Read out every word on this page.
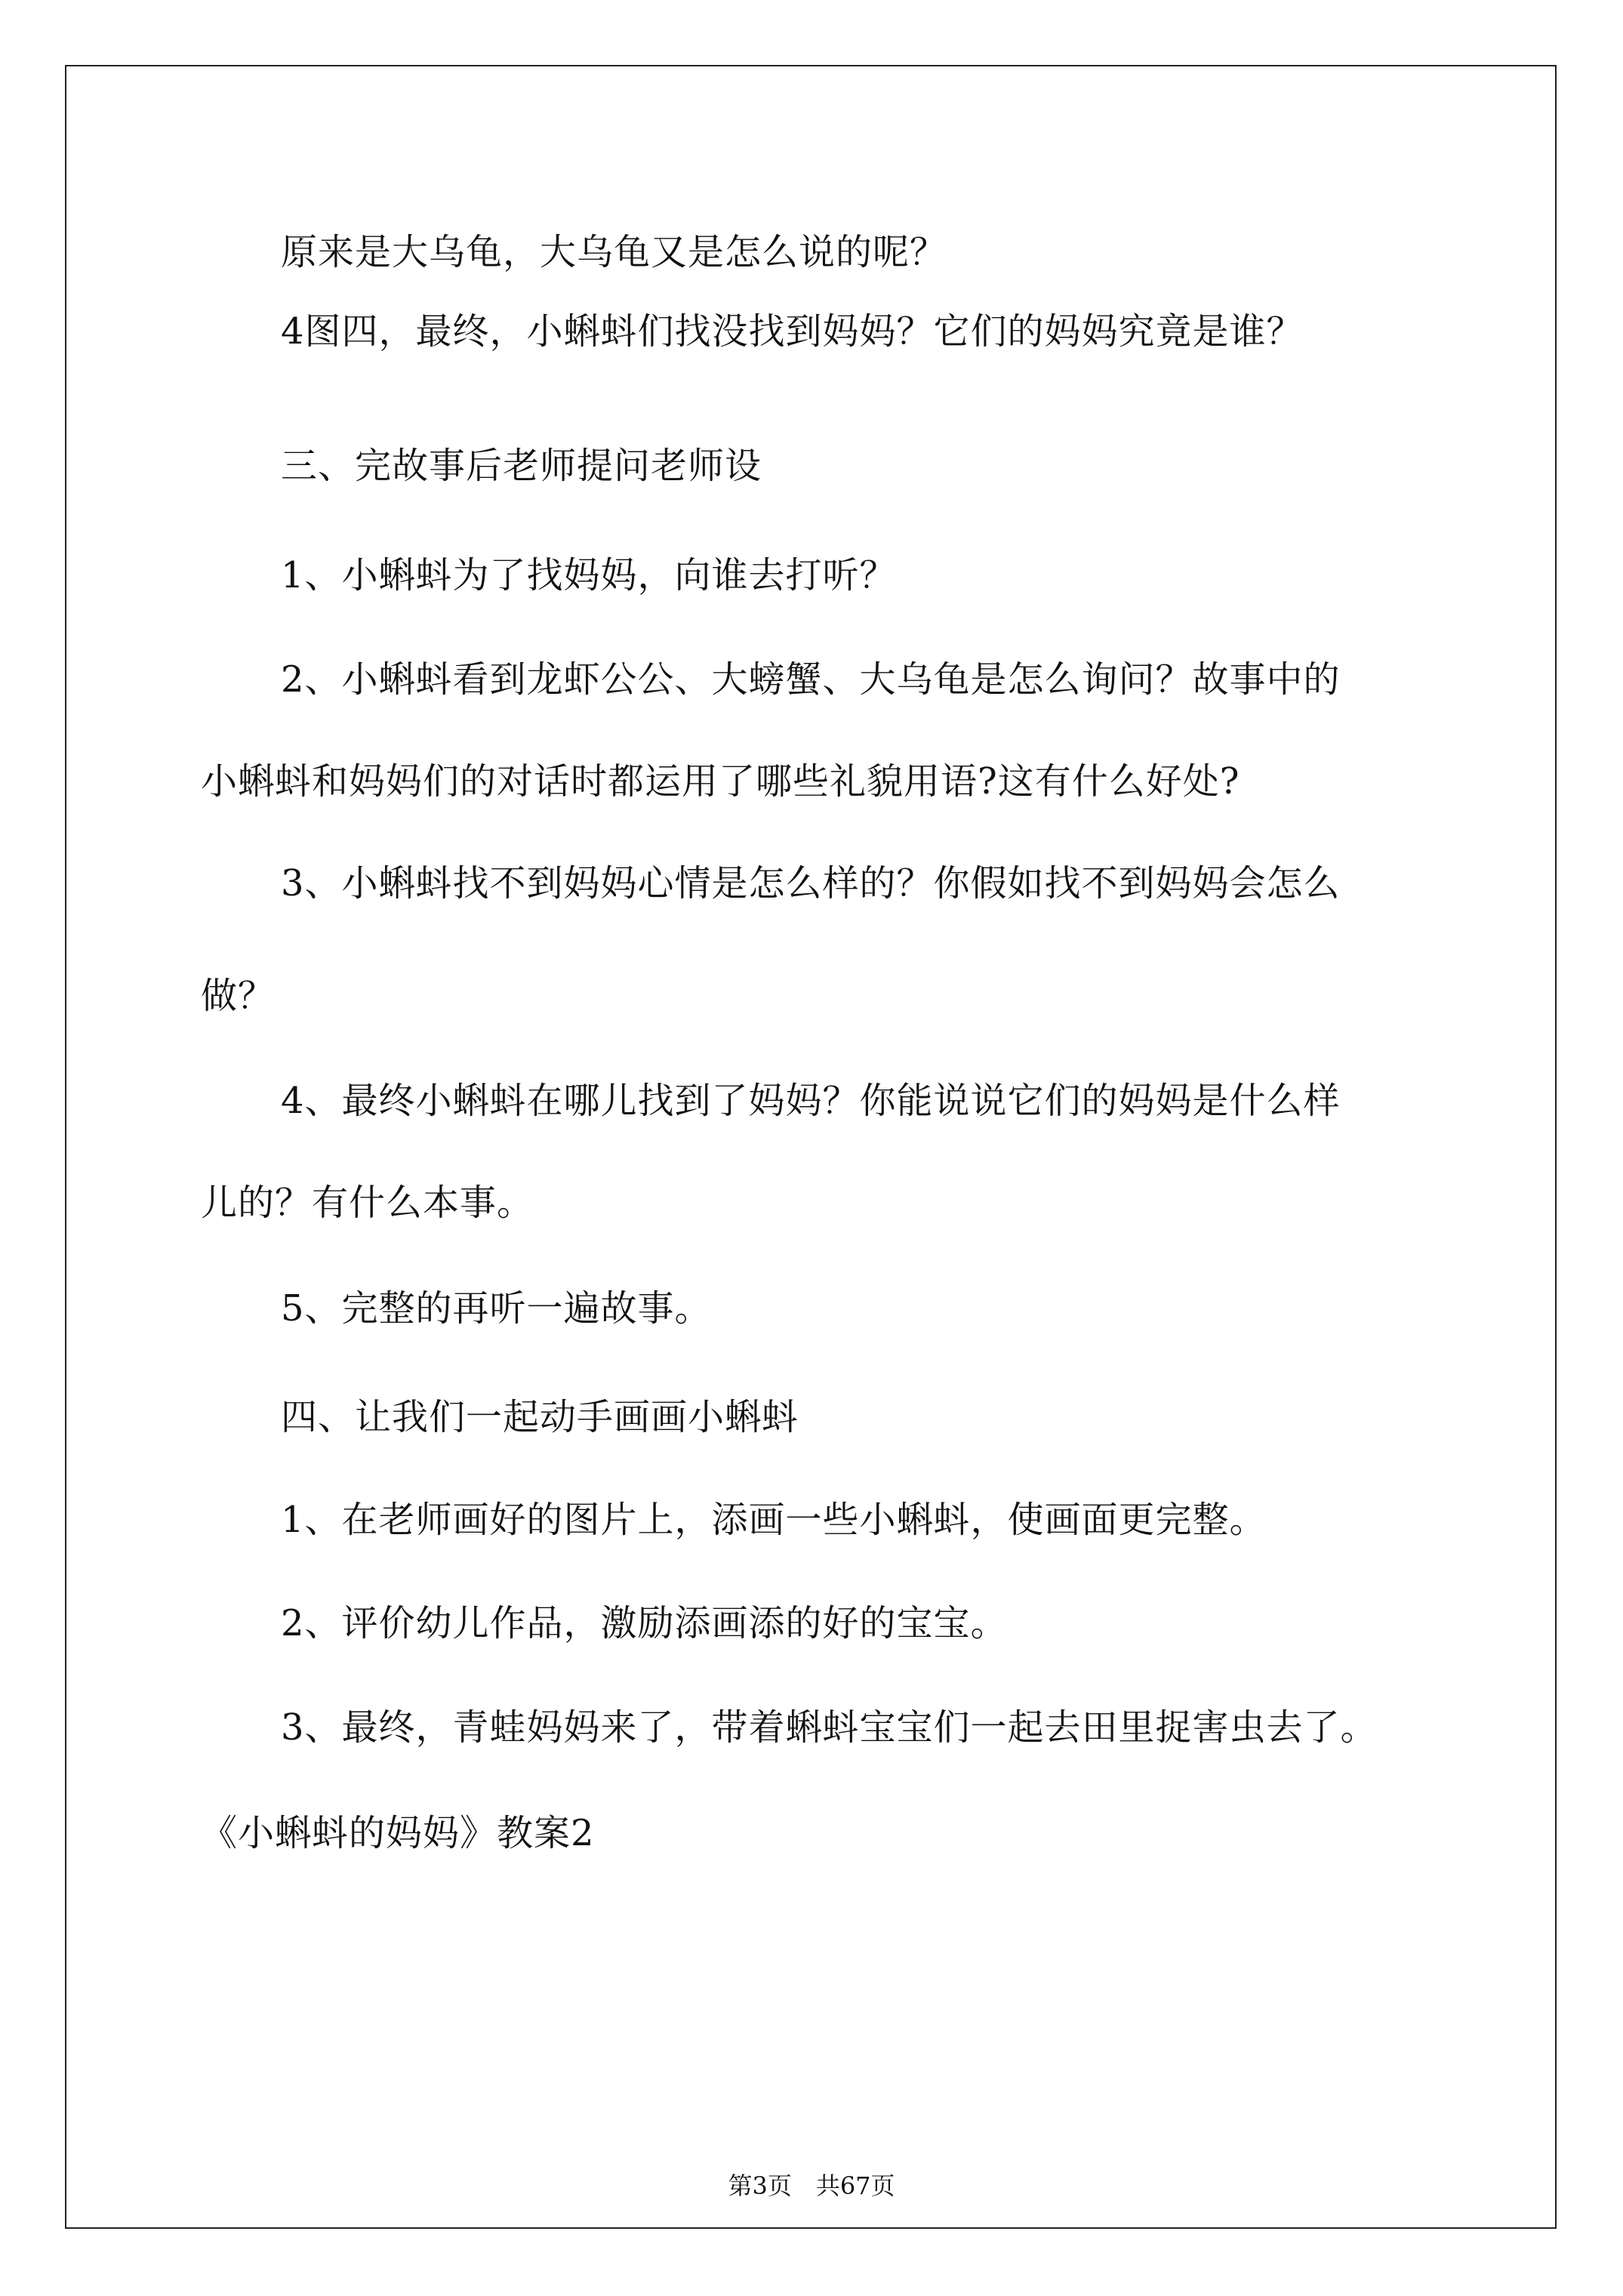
原来是大乌龟，大乌龟又是怎么说的呢？
4图四，最终，小蝌蚪们找没找到妈妈？它们的妈妈究竟是谁？
三、完故事后老师提问老师设
1、小蝌蚪为了找妈妈，向谁去打听？
2、小蝌蚪看到龙虾公公、大螃蟹、大乌龟是怎么询问？故事中的
小蝌蚪和妈妈们的对话时都运用了哪些礼貌用语?这有什么好处?
3、小蝌蚪找不到妈妈心情是怎么样的？你假如找不到妈妈会怎么
做？
4、最终小蝌蚪在哪儿找到了妈妈？你能说说它们的妈妈是什么样
儿的？有什么本事。
5、完整的再听一遍故事。
四、让我们一起动手画画小蝌蚪
1、在老师画好的图片上，添画一些小蝌蚪，使画面更完整。
2、评价幼儿作品，激励添画添的好的宝宝。
3、最终，青蛙妈妈来了，带着蝌蚪宝宝们一起去田里捉害虫去了。
《小蝌蚪的妈妈》教案2
第3页　共67页
